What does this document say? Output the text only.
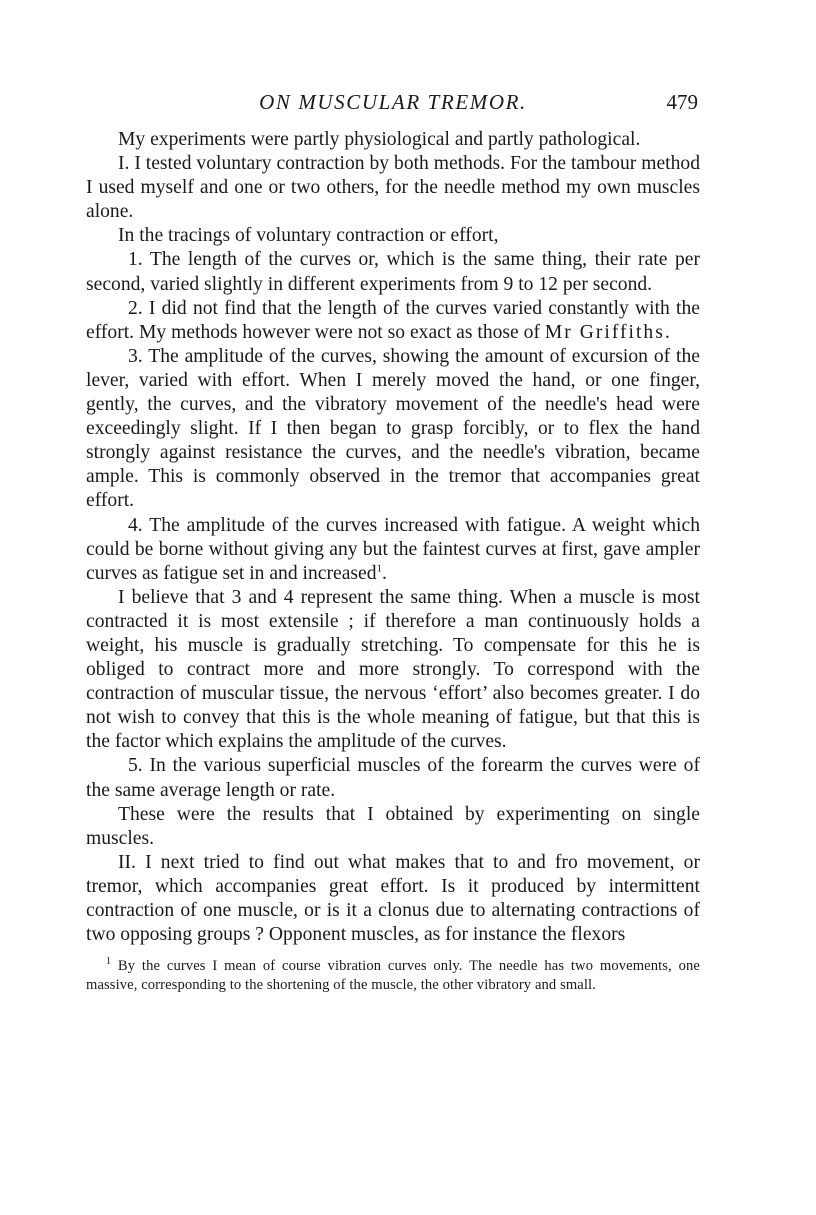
ON MUSCULAR TREMOR.	479

My experiments were partly physiological and partly pathological.

I. I tested voluntary contraction by both methods. For the tambour method I used myself and one or two others, for the needle method my own muscles alone.

In the tracings of voluntary contraction or effort,

1. The length of the curves or, which is the same thing, their rate per second, varied slightly in different experiments from 9 to 12 per second.

2. I did not find that the length of the curves varied constantly with the effort. My methods however were not so exact as those of Mr Griffiths.

3. The amplitude of the curves, showing the amount of excursion of the lever, varied with effort. When I merely moved the hand, or one finger, gently, the curves, and the vibratory movement of the needle's head were exceedingly slight. If I then began to grasp forcibly, or to flex the hand strongly against resistance the curves, and the needle's vibration, became ample. This is commonly observed in the tremor that accompanies great effort.

4. The amplitude of the curves increased with fatigue. A weight which could be borne without giving any but the faintest curves at first, gave ampler curves as fatigue set in and increased$^1$.

I believe that 3 and 4 represent the same thing. When a muscle is most contracted it is most extensile ; if therefore a man continuously holds a weight, his muscle is gradually stretching. To compensate for this he is obliged to contract more and more strongly. To correspond with the contraction of muscular tissue, the nervous ‘effort’ also becomes greater. I do not wish to convey that this is the whole meaning of fatigue, but that this is the factor which explains the amplitude of the curves.

5. In the various superficial muscles of the forearm the curves were of the same average length or rate.

These were the results that I obtained by experimenting on single muscles.

II. I next tried to find out what makes that to and fro movement, or tremor, which accompanies great effort. Is it produced by intermittent contraction of one muscle, or is it a clonus due to alternating contractions of two opposing groups ? Opponent muscles, as for instance the flexors

$^1$ By the curves I mean of course vibration curves only. The needle has two movements, one massive, corresponding to the shortening of the muscle, the other vibratory and small.
